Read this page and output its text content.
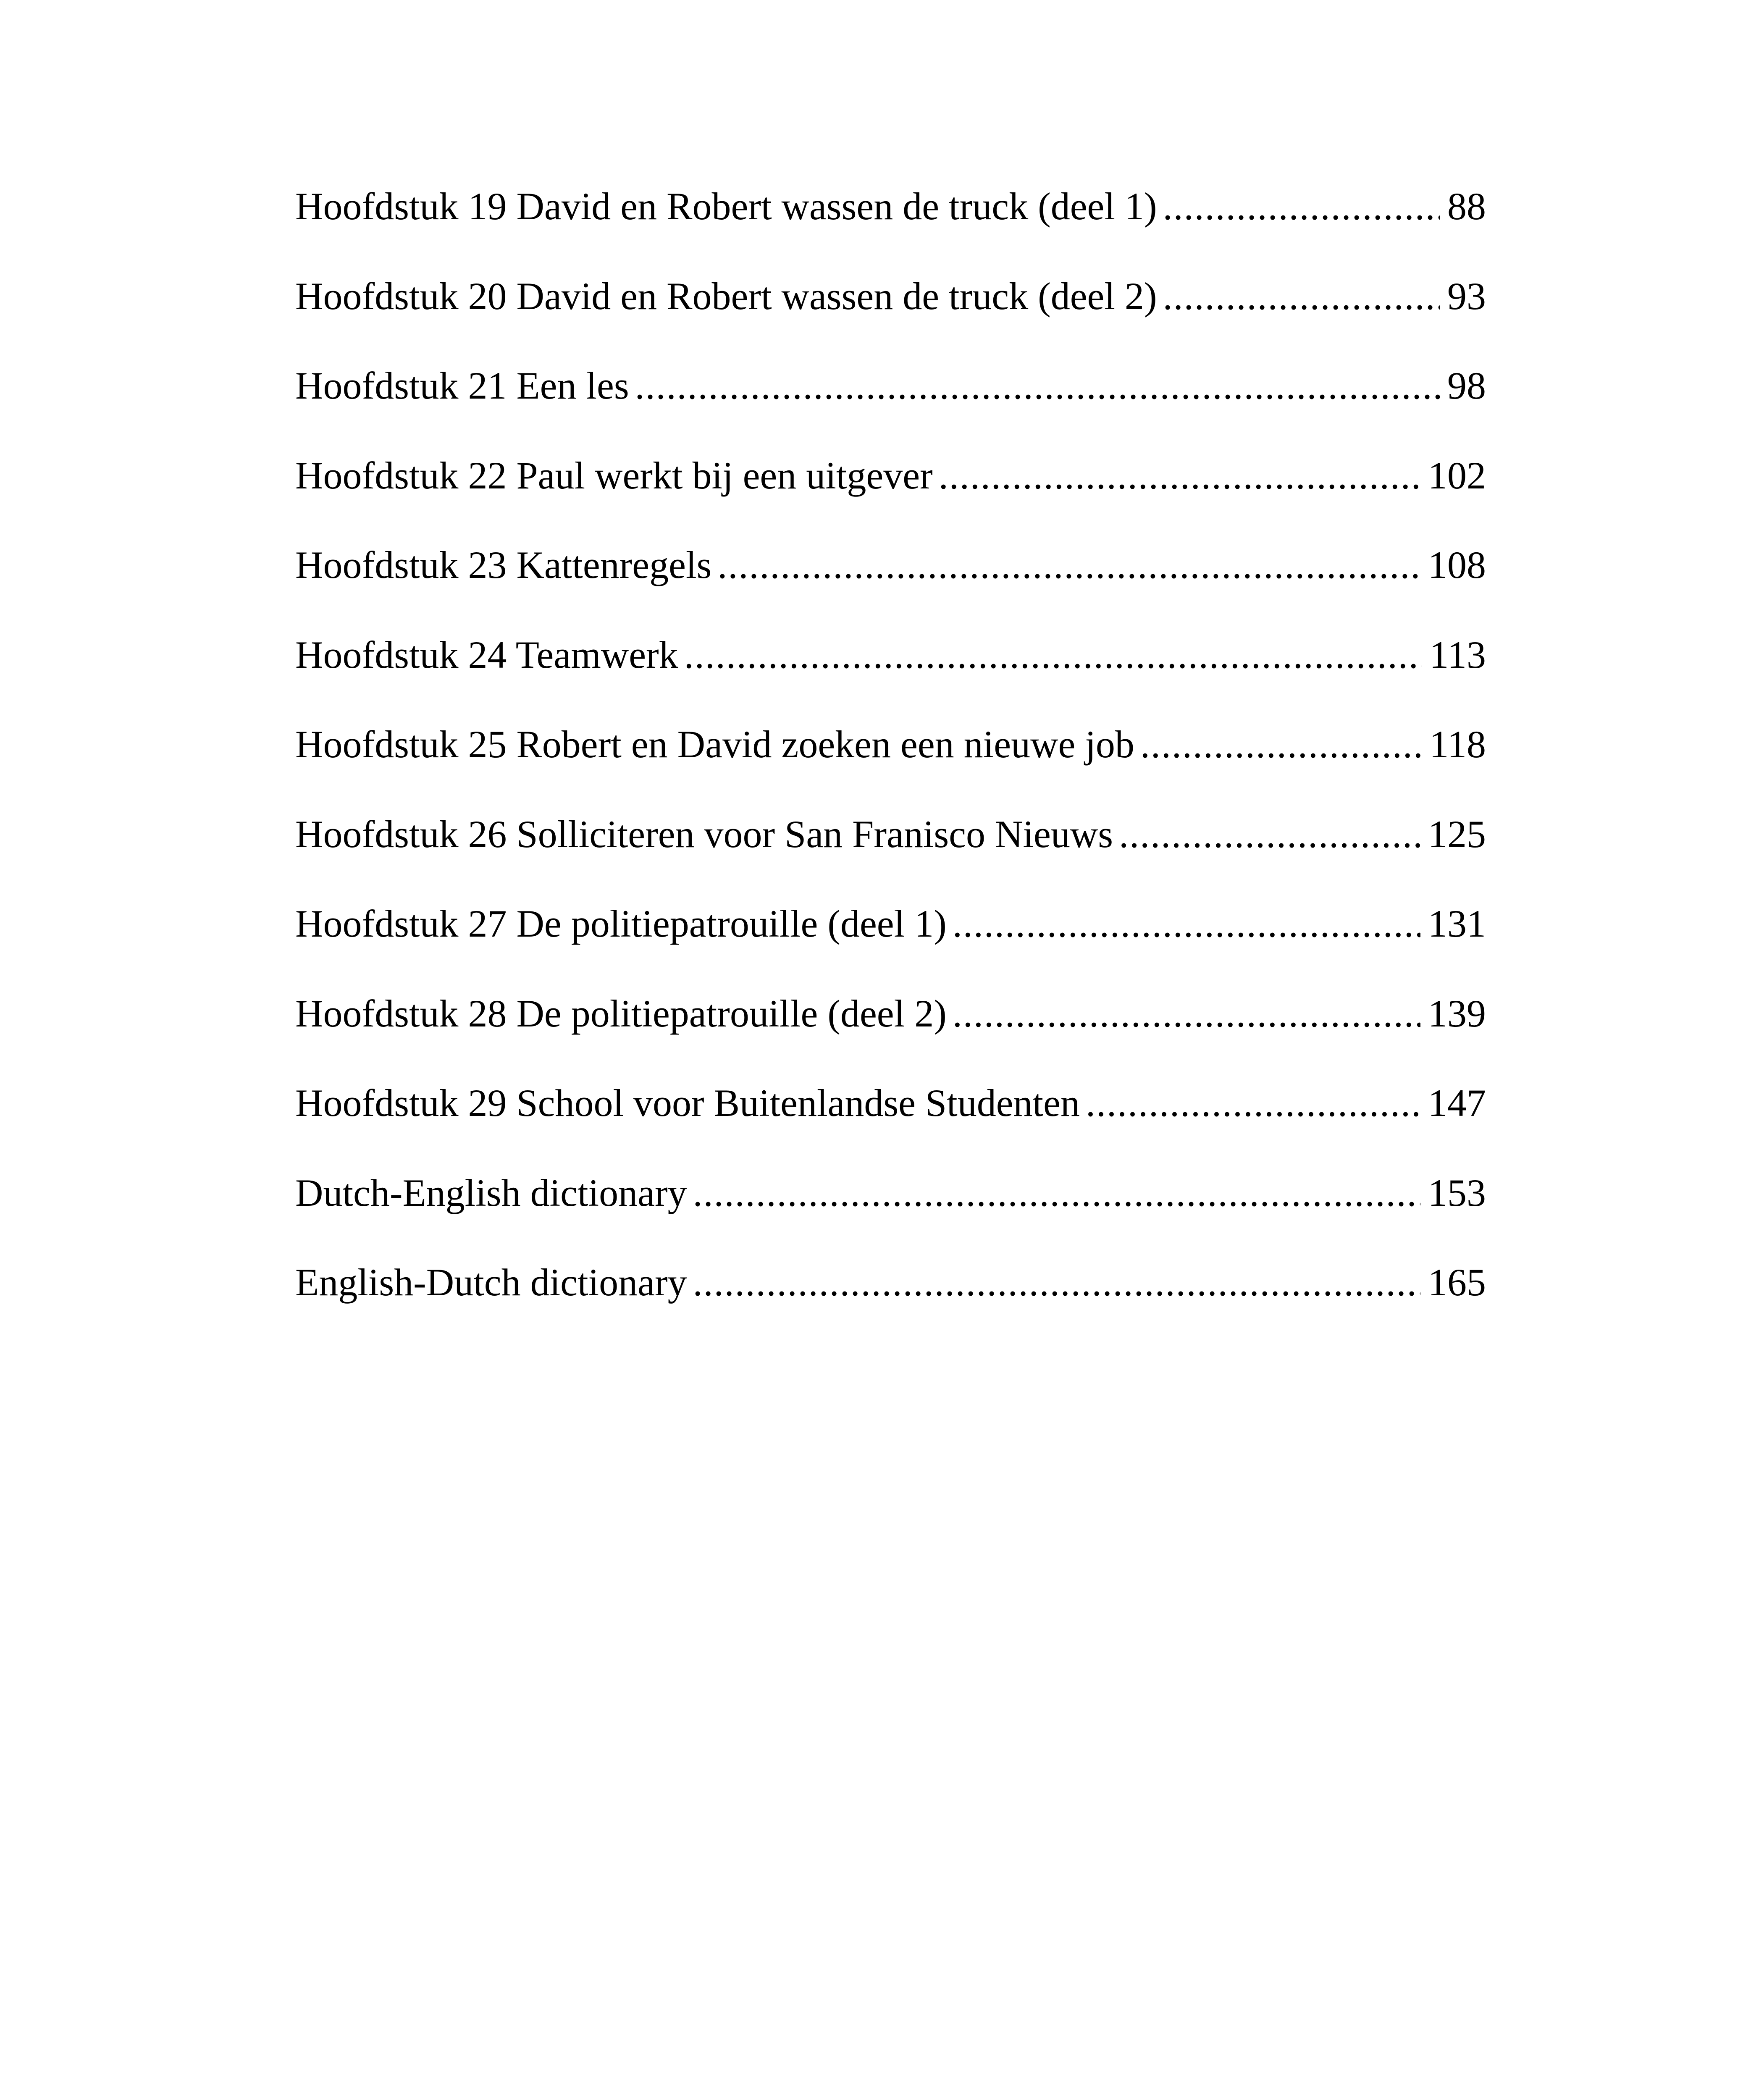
Hoofdstuk 19 David en Robert wassen de truck (deel 1) .....	88
Hoofdstuk 20 David en Robert wassen de truck (deel 2) .....	93
Hoofdstuk 21 Een les .....	98
Hoofdstuk 22 Paul werkt bij een uitgever .....	102
Hoofdstuk 23 Kattenregels .....	108
Hoofdstuk 24 Teamwerk .....	113
Hoofdstuk 25 Robert en David zoeken een nieuwe job .....	118
Hoofdstuk 26 Solliciteren voor San Franisco Nieuws .....	125
Hoofdstuk 27 De politiepatrouille (deel 1) .....	131
Hoofdstuk 28 De politiepatrouille (deel 2) .....	139
Hoofdstuk 29 School voor Buitenlandse Studenten .....	147
Dutch-English dictionary .....	153
English-Dutch dictionary .....	165
